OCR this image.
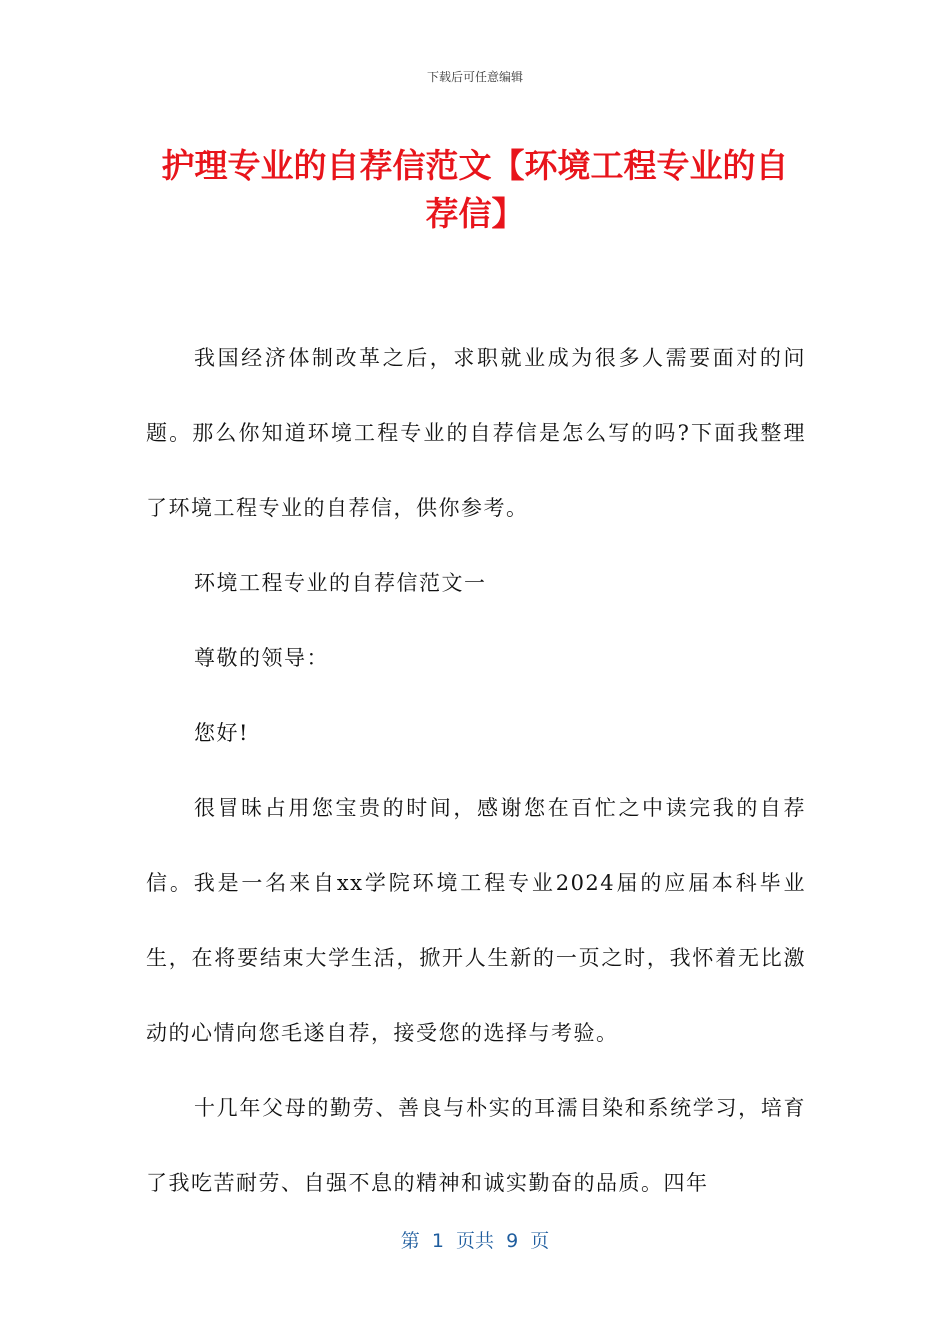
下载后可任意编辑
护理专业的自荐信范文【环境工程专业的自荐信】

我国经济体制改革之后，求职就业成为很多人需要面对的问题。那么你知道环境工程专业的自荐信是怎么写的吗?下面我整理了环境工程专业的自荐信，供你参考。

环境工程专业的自荐信范文一

尊敬的领导：

您好!

很冒昧占用您宝贵的时间，感谢您在百忙之中读完我的自荐信。我是一名来自xx学院环境工程专业2024届的应届本科毕业生，在将要结束大学生活，掀开人生新的一页之时，我怀着无比激动的心情向您毛遂自荐，接受您的选择与考验。

十几年父母的勤劳、善良与朴实的耳濡目染和系统学习，培育了我吃苦耐劳、自强不息的精神和诚实勤奋的品质。四年

第  1  页共  9  页
